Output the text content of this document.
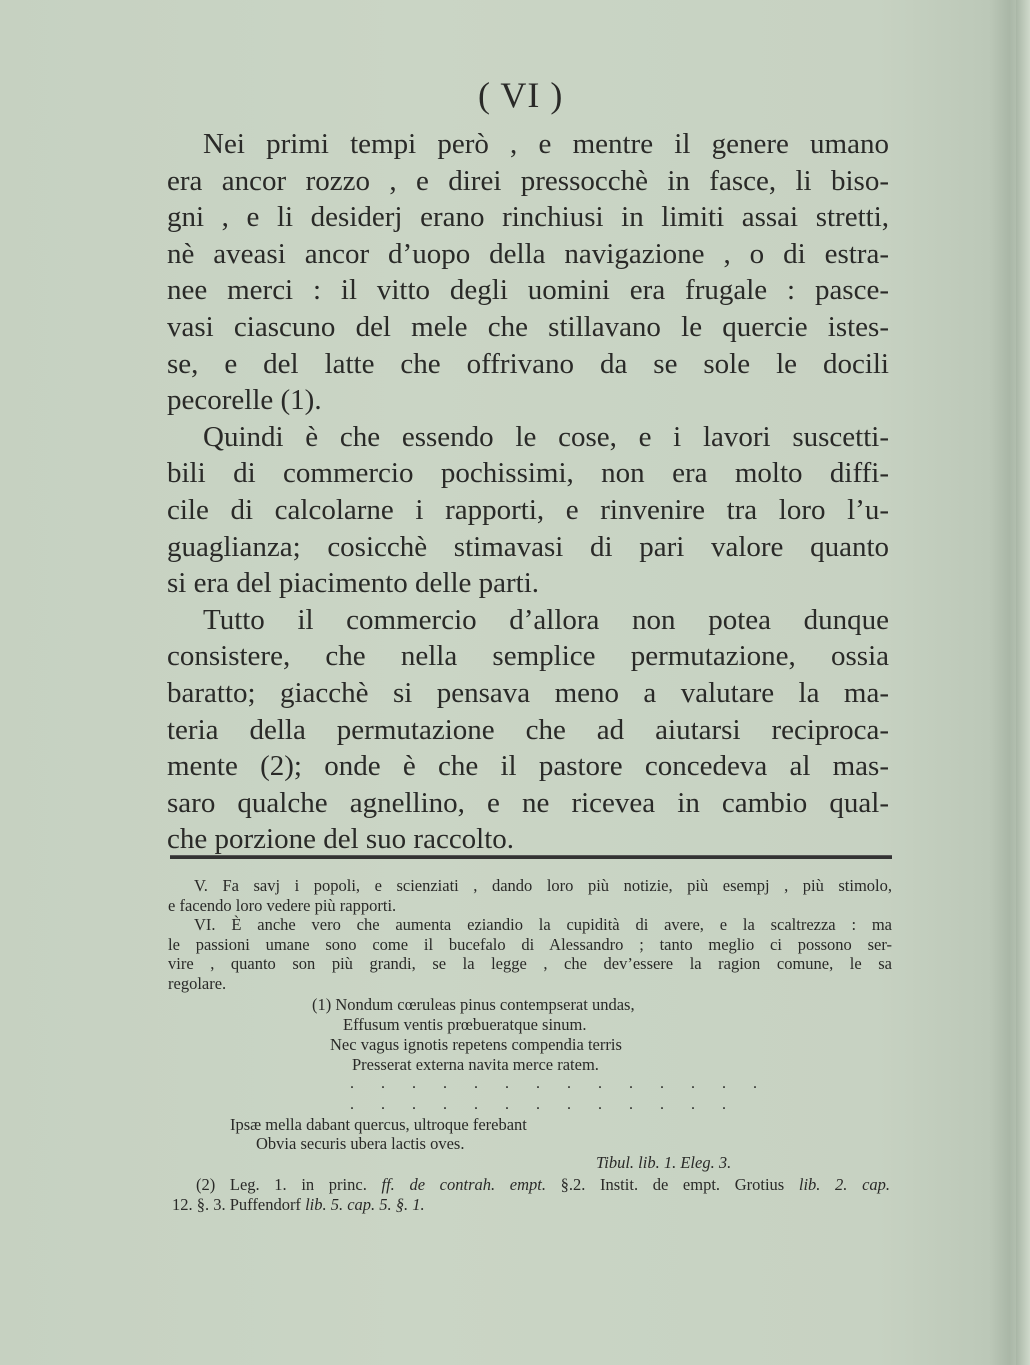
( VI )
Nei primi tempi però , e mentre il genere umano
era ancor rozzo , e direi pressocchè in fasce, li biso-
gni , e li desiderj erano rinchiusi in limiti assai stretti,
nè aveasi ancor d’uopo della navigazione , o di estra-
nee merci : il vitto degli uomini era frugale : pasce-
vasi ciascuno del mele che stillavano le quercie istes-
se, e del latte che offrivano da se sole le docili
pecorelle (1).
Quindi è che essendo le cose, e i lavori suscetti-
bili di commercio pochissimi, non era molto diffi-
cile di calcolarne i rapporti, e rinvenire tra loro l’u-
guaglianza; cosicchè stimavasi di pari valore quanto
si era del piacimento delle parti.
Tutto il commercio d’allora non potea dunque
consistere, che nella semplice permutazione, ossia
baratto; giacchè si pensava meno a valutare la ma-
teria della permutazione che ad aiutarsi reciproca-
mente (2); onde è che il pastore concedeva al mas-
saro qualche agnellino, e ne ricevea in cambio qual-
che porzione del suo raccolto.
V. Fa savj i popoli, e scienziati , dando loro più notizie, più esempj , più stimolo,
e facendo loro vedere più rapporti.
VI. È anche vero che aumenta eziandio la cupidità di avere, e la scaltrezza : ma
le passioni umane sono come il bucefalo di Alessandro ; tanto meglio ci possono ser-
vire , quanto son più grandi, se la legge , che dev’essere la ragion comune, le sa
regolare.
(1) Nondum cœruleas pinus contempserat undas,
Effusum ventis prœbueratque sinum.
Nec vagus ignotis repetens compendia terris
Presserat externa navita merce ratem.
. . . . . . . . . . . . . .
. . . . . . . . . . . . .
Ipsæ mella dabant quercus, ultroque ferebant
Obvia securis ubera lactis oves.
Tibul. lib. 1. Eleg. 3.
(2) Leg. 1. in princ. ff. de contrah. empt. §.2. Instit. de empt. Grotius lib. 2. cap.
12. §. 3. Puffendorf lib. 5. cap. 5. §. 1.
